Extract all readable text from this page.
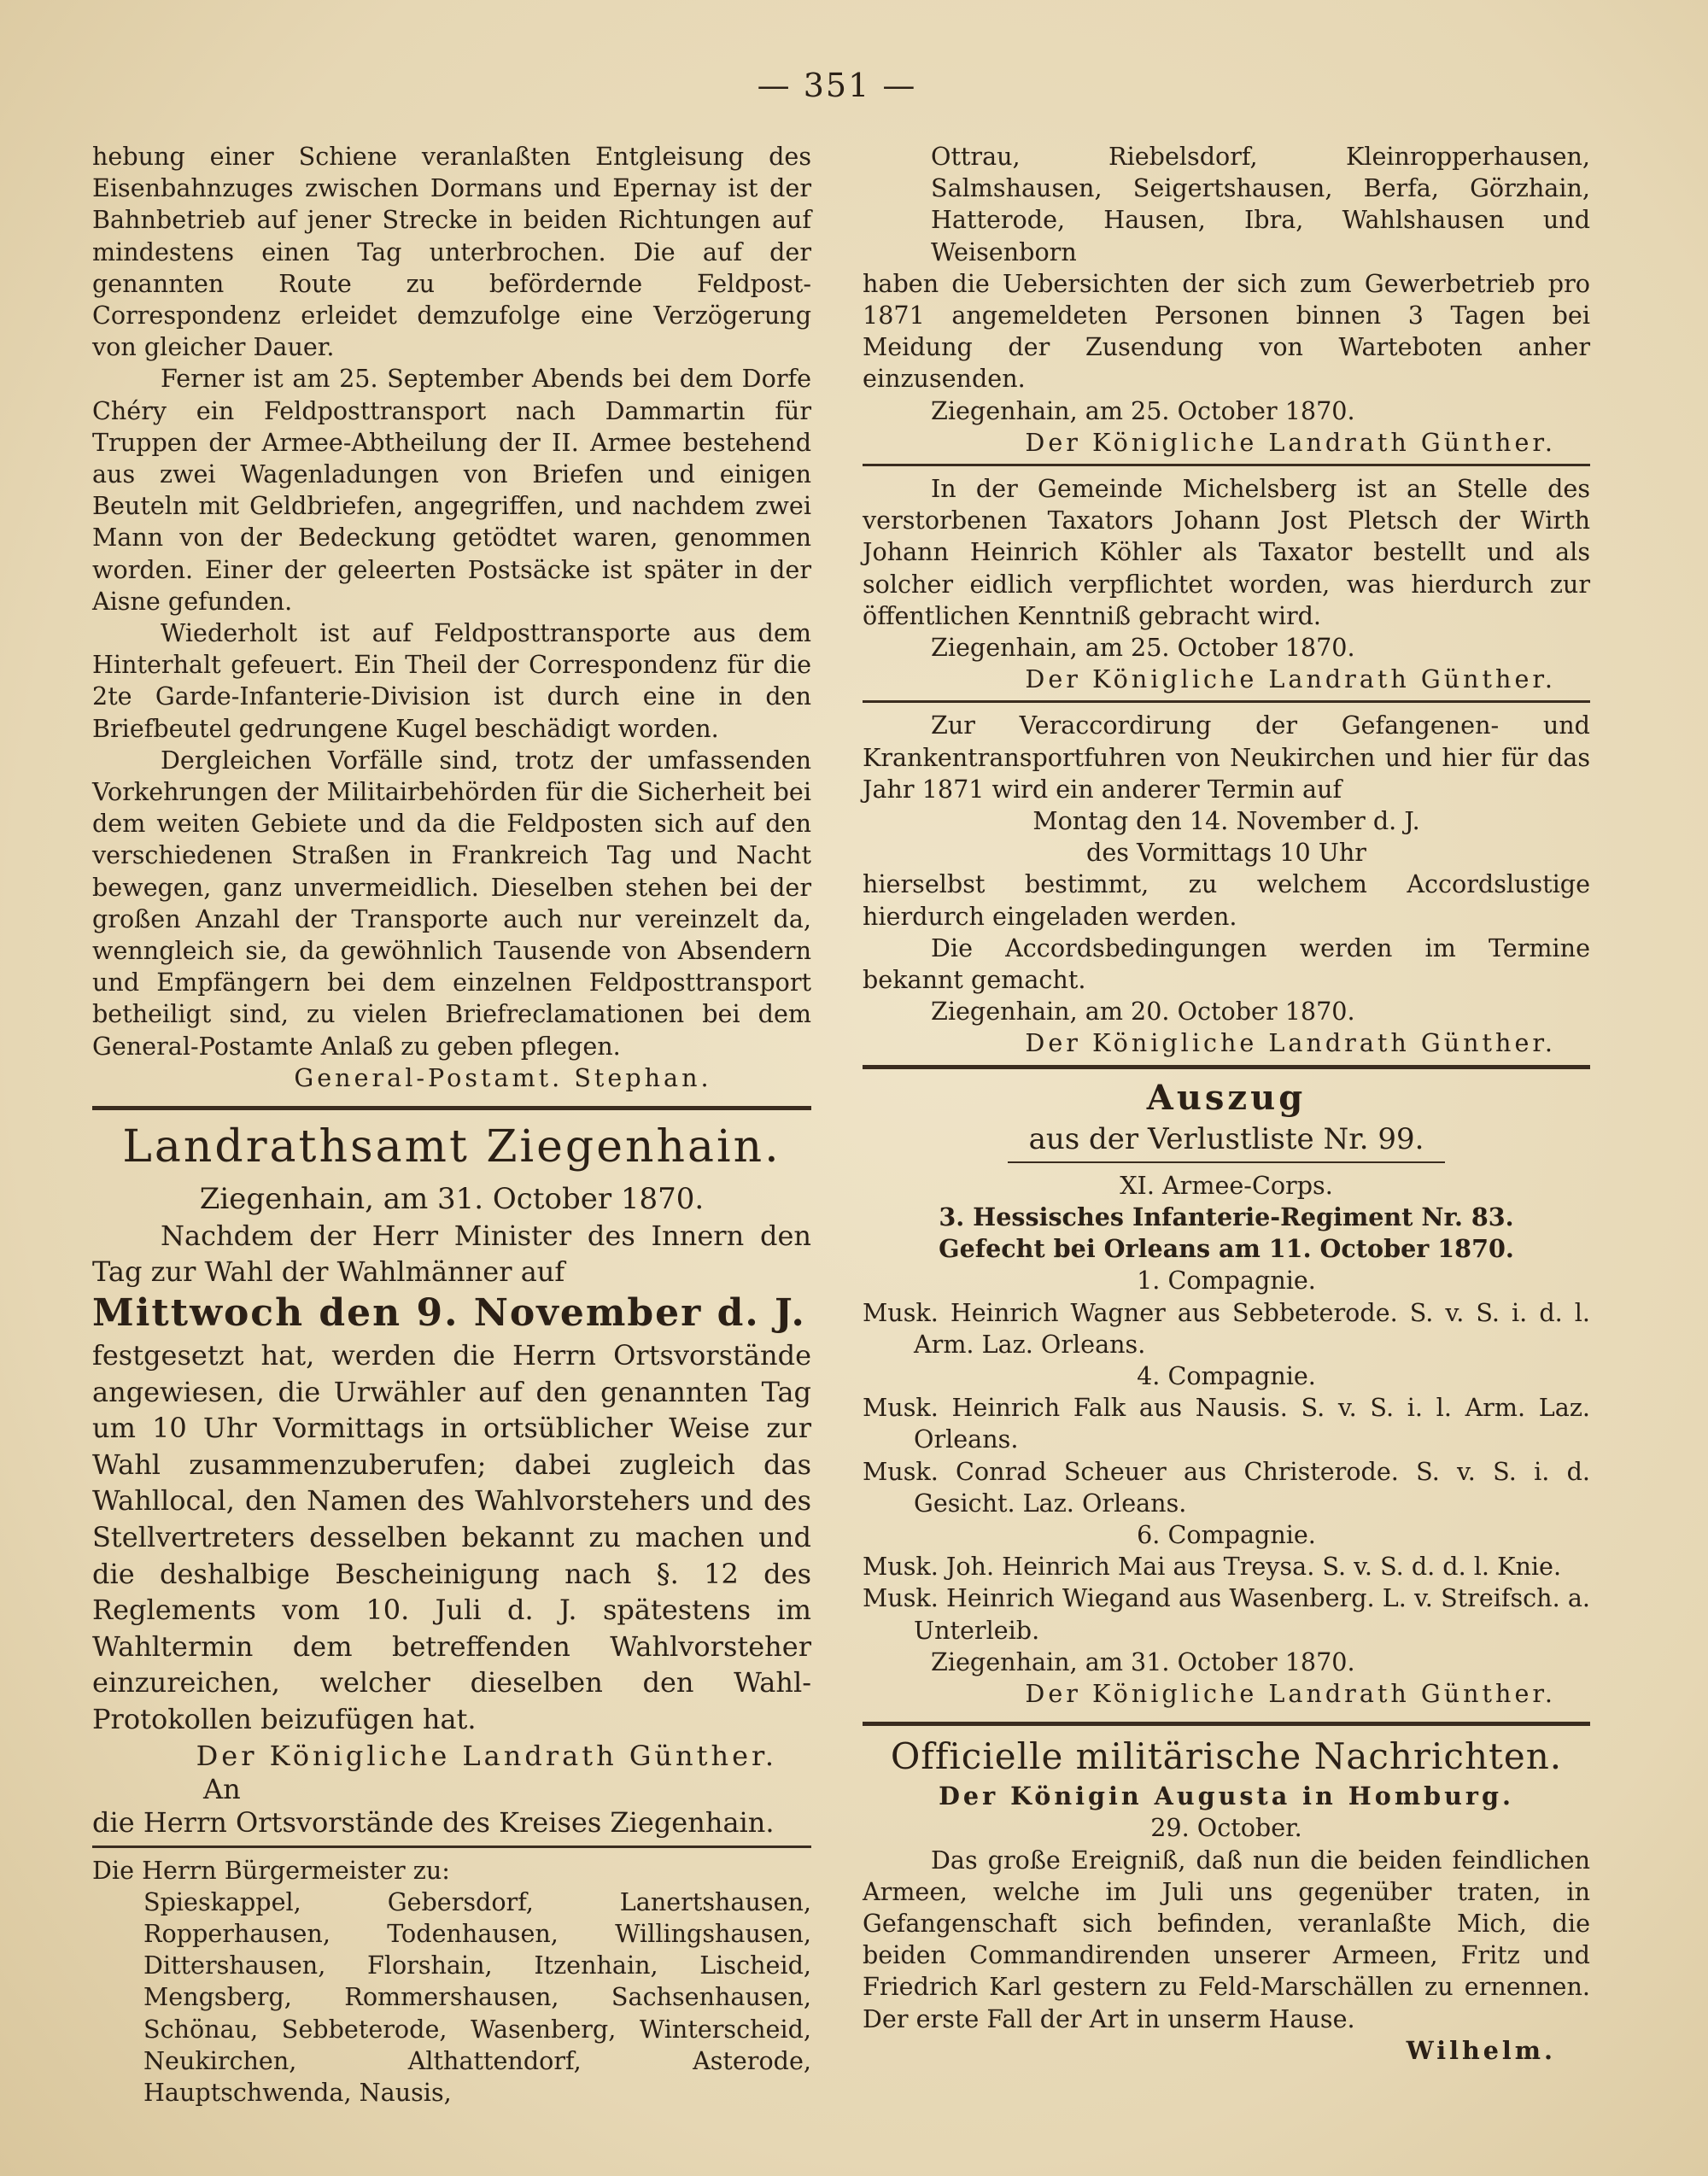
— 351 —

hebung einer Schiene veranlaßten Entgleisung des Eisenbahnzuges zwischen Dormans und Epernay ist der Bahnbetrieb auf jener Strecke in beiden Richtungen auf mindestens einen Tag unterbrochen. Die auf der genannten Route zu befördernde Feldpost-Correspondenz erleidet demzufolge eine Verzögerung von gleicher Dauer.

Ferner ist am 25. September Abends bei dem Dorfe Chéry ein Feldposttransport nach Dammartin für Truppen der Armee-Abtheilung der II. Armee bestehend aus zwei Wagenladungen von Briefen und einigen Beuteln mit Geldbriefen, angegriffen, und nachdem zwei Mann von der Bedeckung getödtet waren, genommen worden. Einer der geleerten Postsäcke ist später in der Aisne gefunden.

Wiederholt ist auf Feldposttransporte aus dem Hinterhalt gefeuert. Ein Theil der Correspondenz für die 2te Garde-Infanterie-Division ist durch eine in den Briefbeutel gedrungene Kugel beschädigt worden.

Dergleichen Vorfälle sind, trotz der umfassenden Vorkehrungen der Militairbehörden für die Sicherheit bei dem weiten Gebiete und da die Feldposten sich auf den verschiedenen Straßen in Frankreich Tag und Nacht bewegen, ganz unvermeidlich. Dieselben stehen bei der großen Anzahl der Transporte auch nur vereinzelt da, wenngleich sie, da gewöhnlich Tausende von Absendern und Empfängern bei dem einzelnen Feldposttransport betheiligt sind, zu vielen Briefreclamationen bei dem General-Postamte Anlaß zu geben pflegen.

General-Postamt. Stephan.

Landrathsamt Ziegenhain.
Ziegenhain, am 31. October 1870.

Nachdem der Herr Minister des Innern den Tag zur Wahl der Wahlmänner auf

Mittwoch den 9. November d. J.

festgesetzt hat, werden die Herrn Ortsvorstände angewiesen, die Urwähler auf den genannten Tag um 10 Uhr Vormittags in ortsüblicher Weise zur Wahl zusammenzuberufen; dabei zugleich das Wahllocal, den Namen des Wahlvorstehers und des Stellvertreters desselben bekannt zu machen und die deshalbige Bescheinigung nach §. 12 des Reglements vom 10. Juli d. J. spätestens im Wahltermin dem betreffenden Wahlvorsteher einzureichen, welcher dieselben den Wahl-Protokollen beizufügen hat.

Der Königliche Landrath Günther.

An

die Herrn Ortsvorstände des Kreises Ziegenhain.

Die Herrn Bürgermeister zu:

Spieskappel, Gebersdorf, Lanertshausen, Ropperhausen, Todenhausen, Willingshausen, Dittershausen, Florshain, Itzenhain, Lischeid, Mengsberg, Rommershausen, Sachsenhausen, Schönau, Sebbeterode, Wasenberg, Winterscheid, Neukirchen, Althattendorf, Asterode, Hauptschwenda, Nausis,

Ottrau, Riebelsdorf, Kleinropperhausen, Salmshausen, Seigertshausen, Berfa, Görzhain, Hatterode, Hausen, Ibra, Wahlshausen und Weisenborn

haben die Uebersichten der sich zum Gewerbetrieb pro 1871 angemeldeten Personen binnen 3 Tagen bei Meidung der Zusendung von Warteboten anher einzusenden.

Ziegenhain, am 25. October 1870.

Der Königliche Landrath Günther.

In der Gemeinde Michelsberg ist an Stelle des verstorbenen Taxators Johann Jost Pletsch der Wirth Johann Heinrich Köhler als Taxator bestellt und als solcher eidlich verpflichtet worden, was hierdurch zur öffentlichen Kenntniß gebracht wird.

Ziegenhain, am 25. October 1870.

Der Königliche Landrath Günther.

Zur Veraccordirung der Gefangenen- und Krankentransportfuhren von Neukirchen und hier für das Jahr 1871 wird ein anderer Termin auf

Montag den 14. November d. J.

des Vormittags 10 Uhr

hierselbst bestimmt, zu welchem Accordslustige hierdurch eingeladen werden.

Die Accordsbedingungen werden im Termine bekannt gemacht.

Ziegenhain, am 20. October 1870.

Der Königliche Landrath Günther.

Auszug
aus der Verlustliste Nr. 99.

XI. Armee-Corps.

3. Hessisches Infanterie-Regiment Nr. 83.

Gefecht bei Orleans am 11. October 1870.

1. Compagnie.

Musk. Heinrich Wagner aus Sebbeterode. S. v. S. i. d. l. Arm. Laz. Orleans.

4. Compagnie.

Musk. Heinrich Falk aus Nausis. S. v. S. i. l. Arm. Laz. Orleans.

Musk. Conrad Scheuer aus Christerode. S. v. S. i. d. Gesicht. Laz. Orleans.

6. Compagnie.

Musk. Joh. Heinrich Mai aus Treysa. S. v. S. d. d. l. Knie.

Musk. Heinrich Wiegand aus Wasenberg. L. v. Streifsch. a. Unterleib.

Ziegenhain, am 31. October 1870.

Der Königliche Landrath Günther.

Officielle militärische Nachrichten.

Der Königin Augusta in Homburg.

29. October.

Das große Ereigniß, daß nun die beiden feindlichen Armeen, welche im Juli uns gegenüber traten, in Gefangenschaft sich befinden, veranlaßte Mich, die beiden Commandirenden unserer Armeen, Fritz und Friedrich Karl gestern zu Feld-Marschällen zu ernennen. Der erste Fall der Art in unserm Hause.

Wilhelm.
